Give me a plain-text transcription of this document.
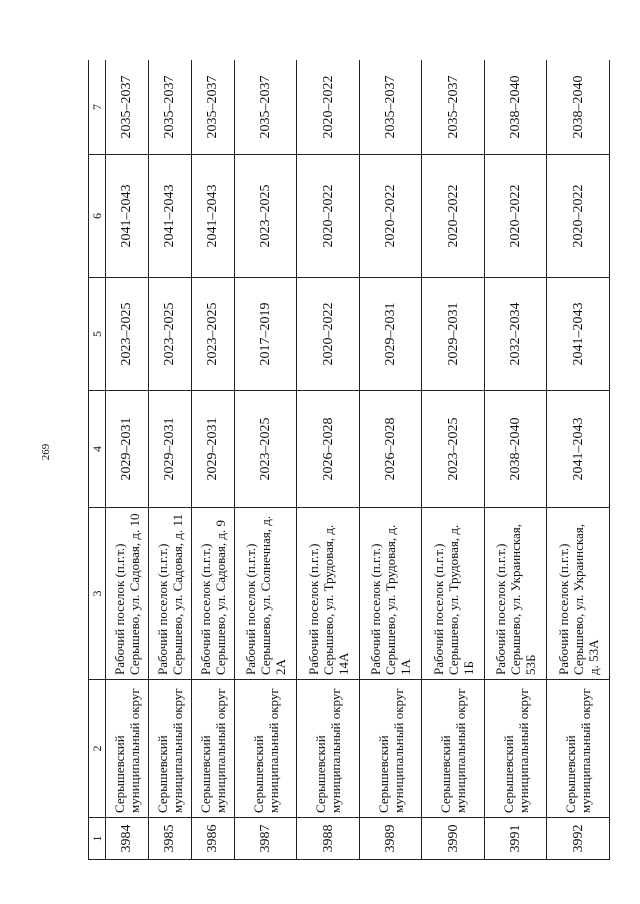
269
1	2	3	4	5	6	7
3984	Серышевский муниципальный округ	Рабочий поселок (п.г.т.) Серышево, ул. Садовая, д. 10	2029–2031	2023–2025	2041–2043	2035–2037
3985	Серышевский муниципальный округ	Рабочий поселок (п.г.т.) Серышево, ул. Садовая, д. 11	2029–2031	2023–2025	2041–2043	2035–2037
3986	Серышевский муниципальный округ	Рабочий поселок (п.г.т.) Серышево, ул. Садовая, д. 9	2029–2031	2023–2025	2041–2043	2035–2037
3987	Серышевский муниципальный округ	Рабочий поселок (п.г.т.) Серышево, ул. Солнечная, д. 2А	2023–2025	2017–2019	2023–2025	2035–2037
3988	Серышевский муниципальный округ	Рабочий поселок (п.г.т.) Серышево, ул. Трудовая, д. 14А	2026–2028	2020–2022	2020–2022	2020–2022
3989	Серышевский муниципальный округ	Рабочий поселок (п.г.т.) Серышево, ул. Трудовая, д. 1А	2026–2028	2029–2031	2020–2022	2035–2037
3990	Серышевский муниципальный округ	Рабочий поселок (п.г.т.) Серышево, ул. Трудовая, д. 1Б	2023–2025	2029–2031	2020–2022	2035–2037
3991	Серышевский муниципальный округ	Рабочий поселок (п.г.т.) Серышево, ул. Украинская, 53Б	2038–2040	2032–2034	2020–2022	2038–2040
3992	Серышевский муниципальный округ	Рабочий поселок (п.г.т.) Серышево, ул. Украинская, д. 53А	2041–2043	2041–2043	2020–2022	2038–2040
